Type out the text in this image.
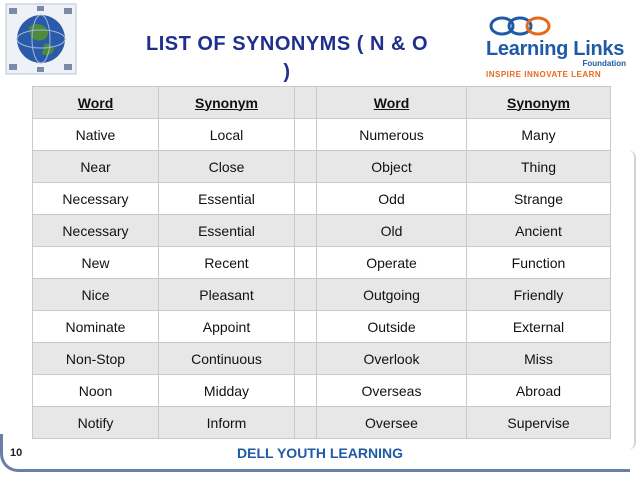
LIST OF SYNONYMS ( N & O
)
Learning Links
Foundation
INSPIRE INNOVATE LEARN
Word	Synonym		Word	Synonym
Native	Local		Numerous	Many
Near	Close		Object	Thing
Necessary	Essential		Odd	Strange
Necessary	Essential		Old	Ancient
New	Recent		Operate	Function
Nice	Pleasant		Outgoing	Friendly
Nominate	Appoint		Outside	External
Non-Stop	Continuous		Overlook	Miss
Noon	Midday		Overseas	Abroad
Notify	Inform		Oversee	Supervise
10	DELL YOUTH LEARNING
